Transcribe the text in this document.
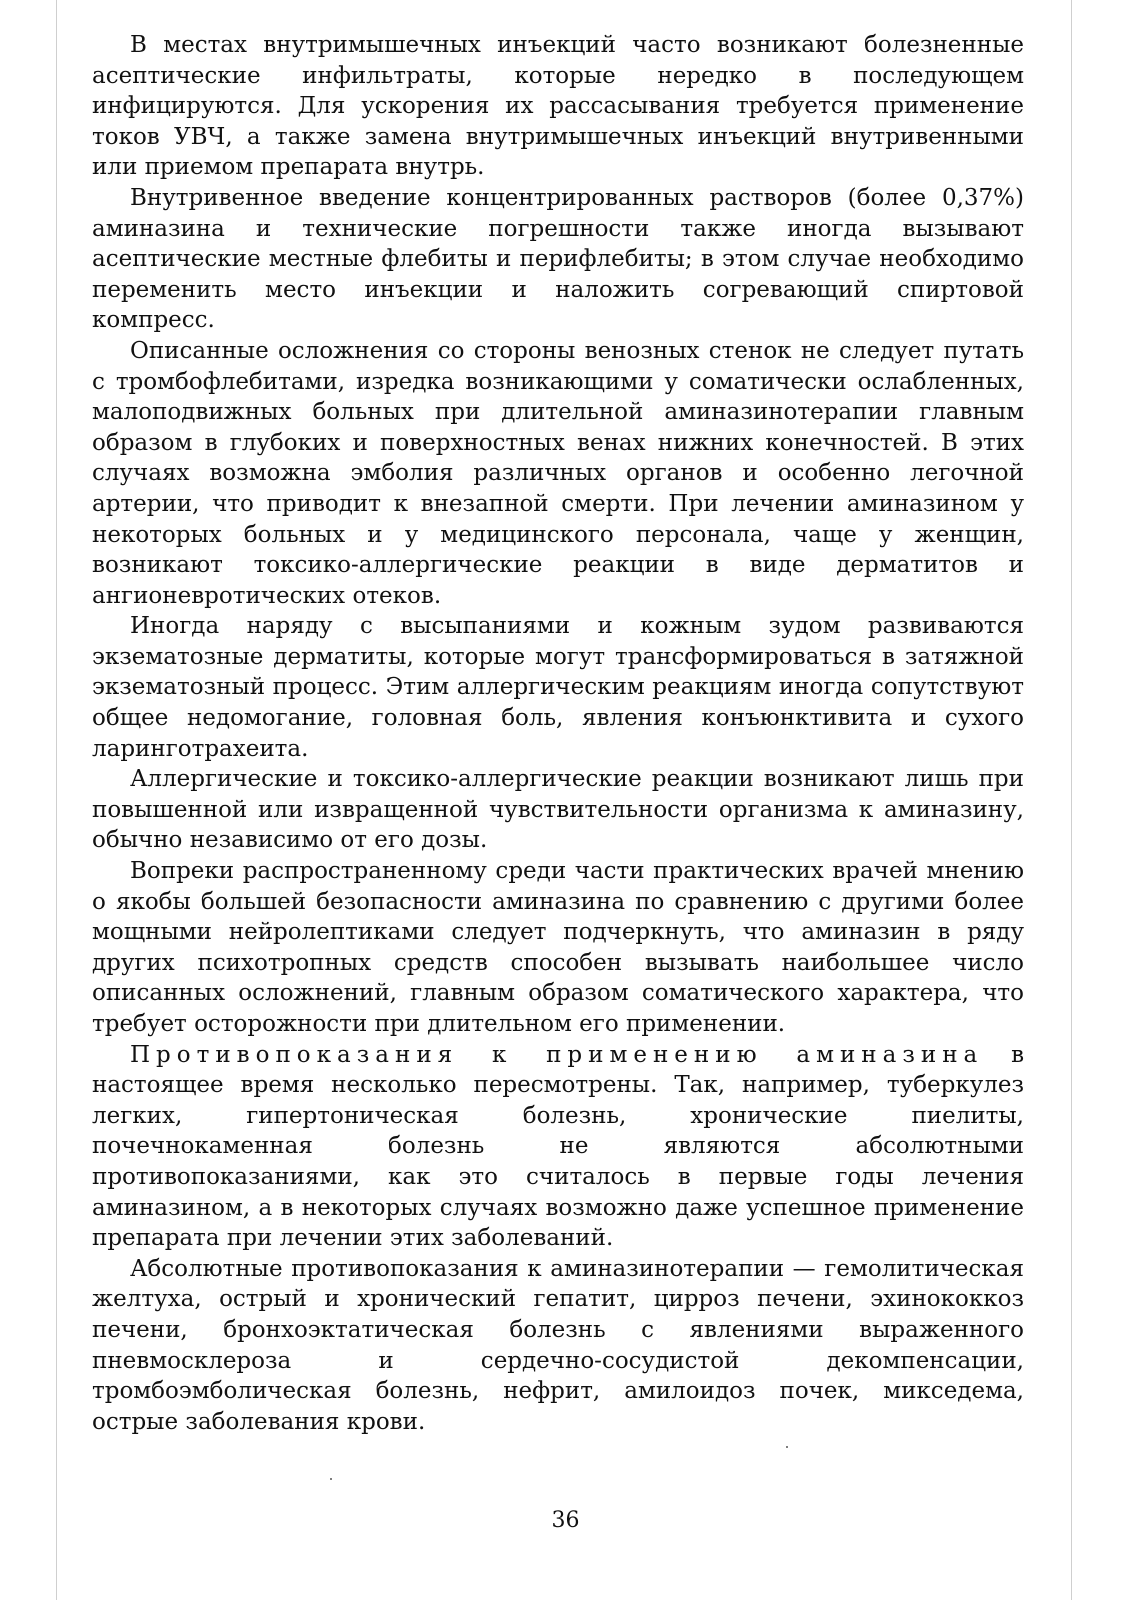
В местах внутримышечных инъекций часто возникают болезненные асептические инфильтраты, которые нередко в последующем инфицируются. Для ускорения их рассасывания требуется применение токов УВЧ, а также замена внутримышечных инъекций внутривенными или приемом препарата внутрь.

Внутривенное введение концентрированных растворов (более 0,37%) аминазина и технические погрешности также иногда вызывают асептические местные флебиты и перифлебиты; в этом случае необходимо переменить место инъекции и наложить согревающий спиртовой компресс.

Описанные осложнения со стороны венозных стенок не следует путать с тромбофлебитами, изредка возникающими у соматически ослабленных, малоподвижных больных при длительной аминазинотерапии главным образом в глубоких и поверхностных венах нижних конечностей. В этих случаях возможна эмболия различных органов и особенно легочной артерии, что приводит к внезапной смерти. При лечении аминазином у некоторых больных и у медицинского персонала, чаще у женщин, возникают токсико-аллергические реакции в виде дерматитов и ангионевротических отеков.

Иногда наряду с высыпаниями и кожным зудом развиваются экзематозные дерматиты, которые могут трансформироваться в затяжной экзематозный процесс. Этим аллергическим реакциям иногда сопутствуют общее недомогание, головная боль, явления конъюнктивита и сухого ларинготрахеита.

Аллергические и токсико-аллергические реакции возникают лишь при повышенной или извращенной чувствительности организма к аминазину, обычно независимо от его дозы.

Вопреки распространенному среди части практических врачей мнению о якобы большей безопасности аминазина по сравнению с другими более мощными нейролептиками следует подчеркнуть, что аминазин в ряду других психотропных средств способен вызывать наибольшее число описанных осложнений, главным образом соматического характера, что требует осторожности при длительном его применении.

Противопоказания к применению аминазина в настоящее время несколько пересмотрены. Так, например, туберкулез легких, гипертоническая болезнь, хронические пиелиты, почечнокаменная болезнь не являются абсолютными противопоказаниями, как это считалось в первые годы лечения аминазином, а в некоторых случаях возможно даже успешное применение препарата при лечении этих заболеваний.

Абсолютные противопоказания к аминазинотерапии — гемолитическая желтуха, острый и хронический гепатит, цирроз печени, эхинококкоз печени, бронхоэктатическая болезнь с явлениями выраженного пневмосклероза и сердечно-сосудистой декомпенсации, тромбоэмболическая болезнь, нефрит, амилоидоз почек, микседема, острые заболевания крови.

36
